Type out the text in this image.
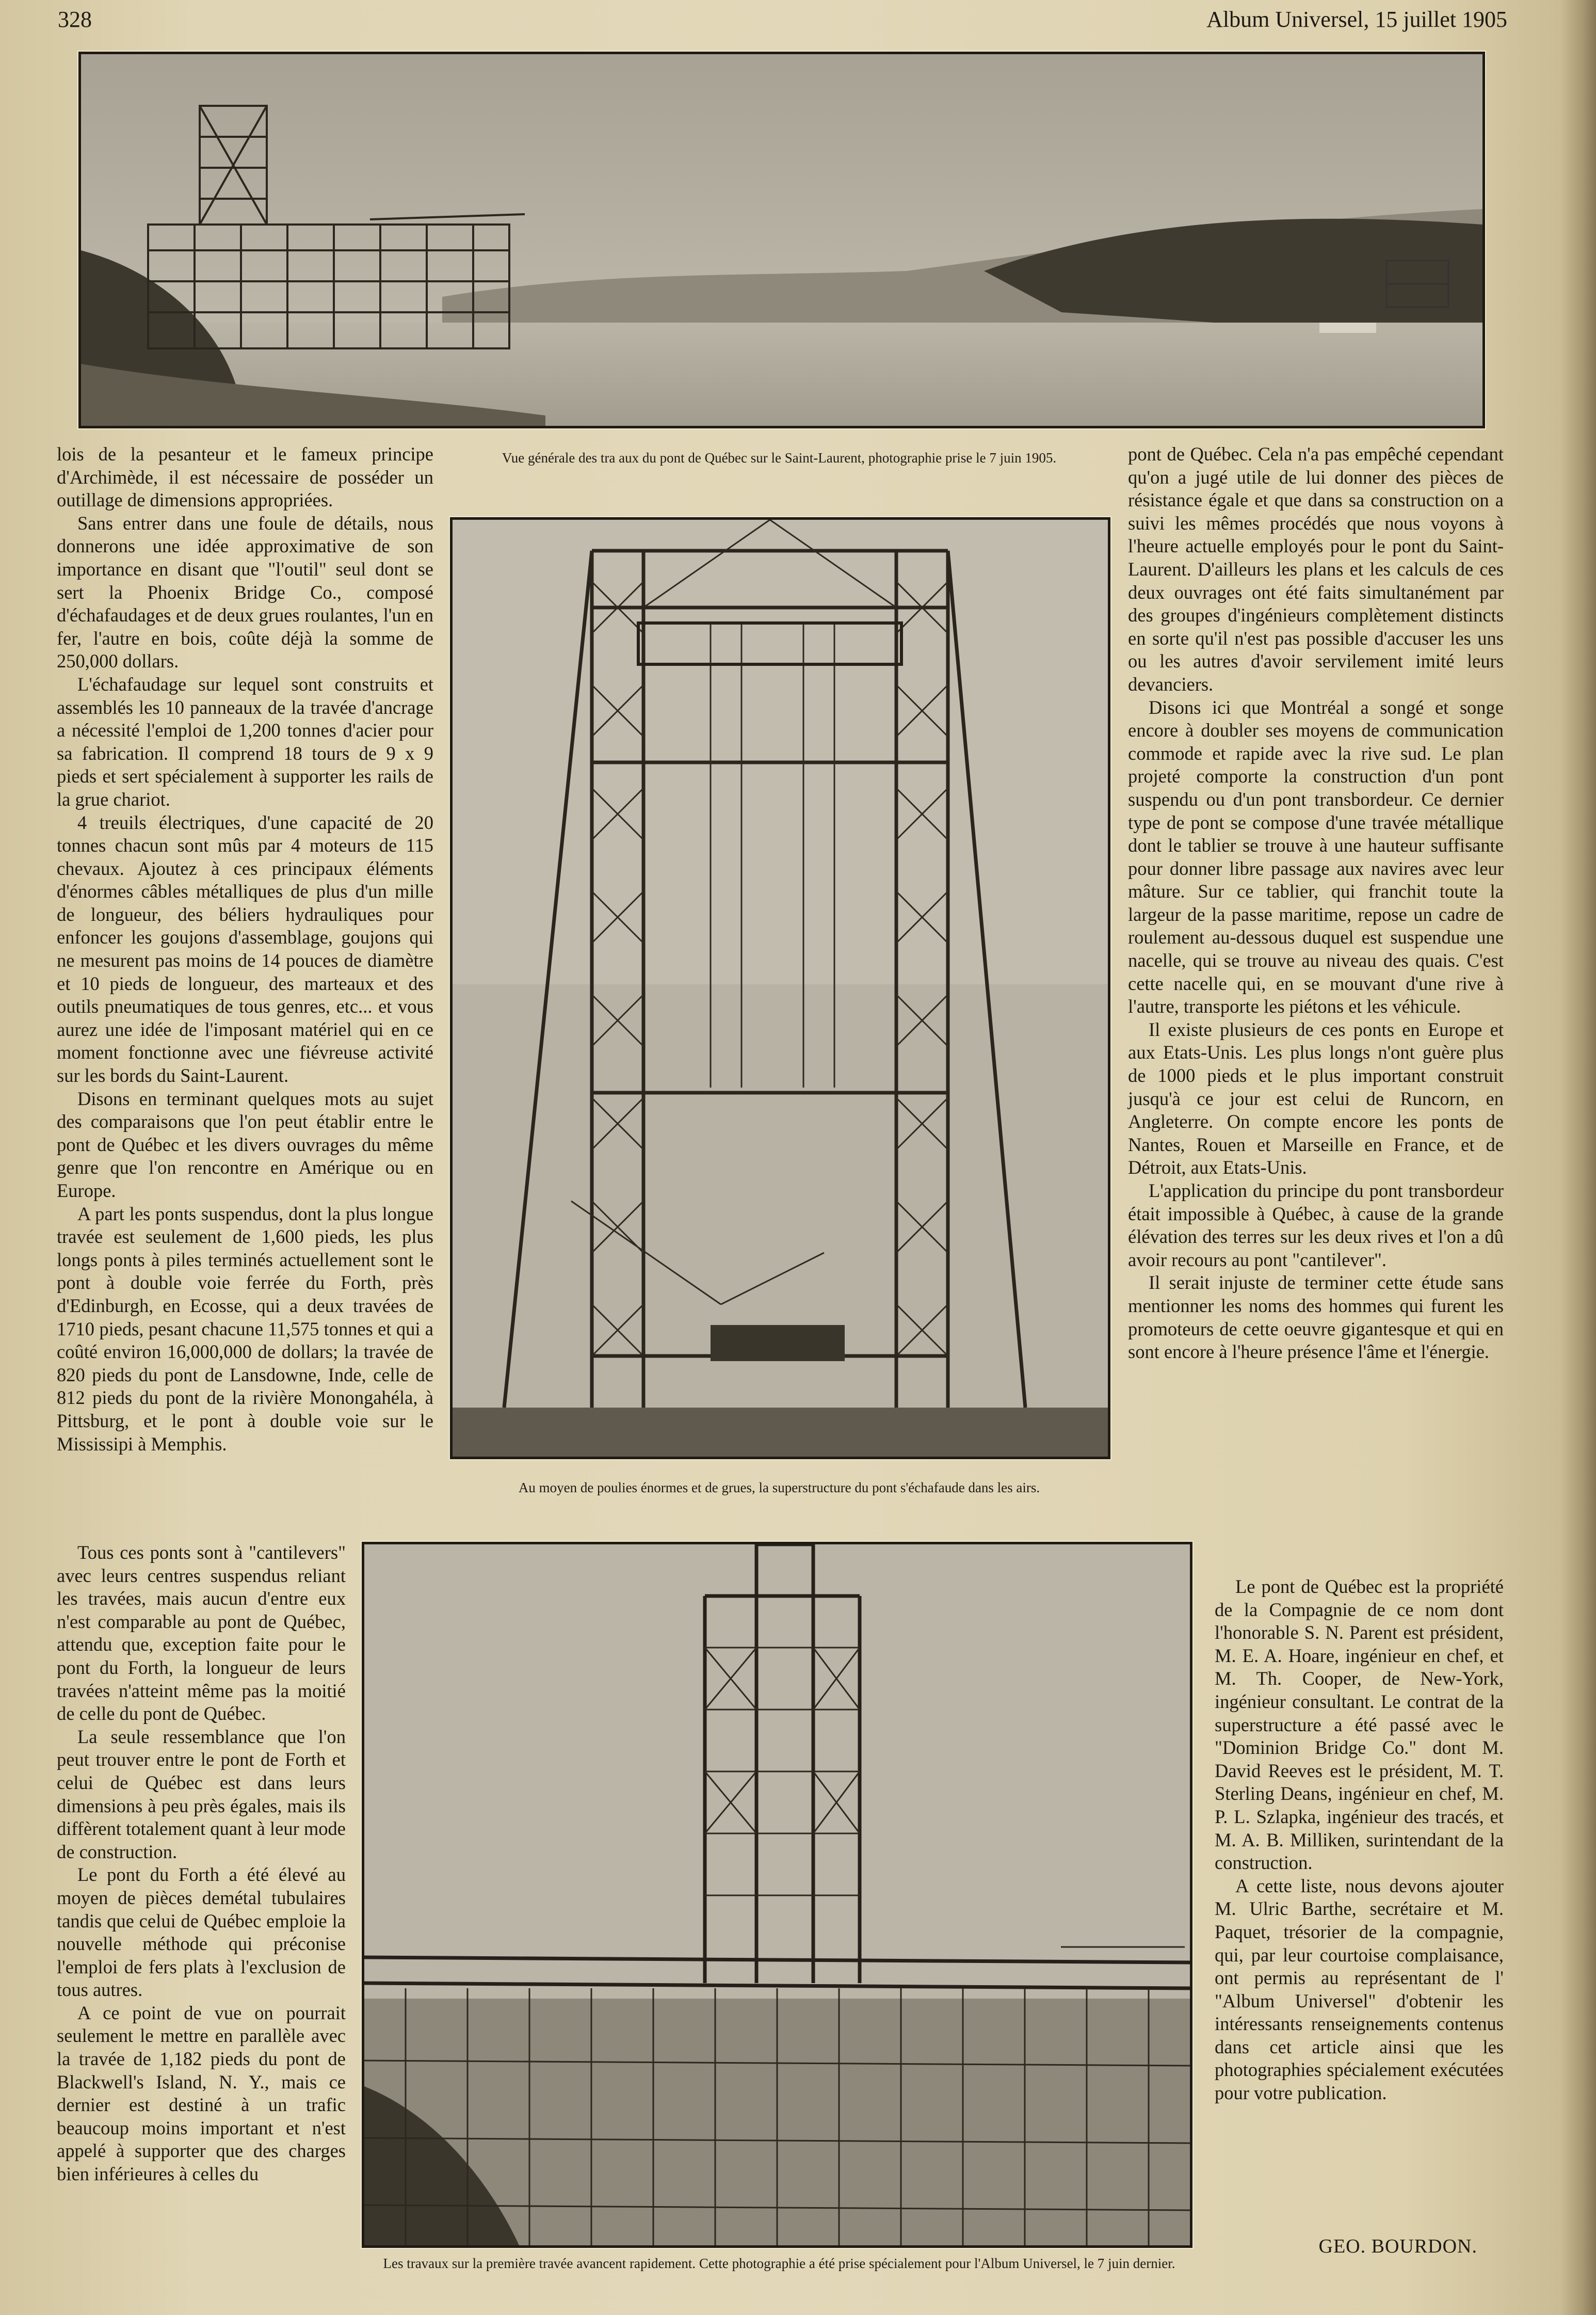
328	Album Universel, 15 juillet 1905
Vue générale des tra aux du pont de Québec sur le Saint-Laurent, photographie prise le 7 juin 1905.
Au moyen de poulies énormes et de grues, la superstructure du pont s'échafaude dans les airs.
Les travaux sur la première travée avancent rapidement. Cette photographie a été prise spécialement pour l'Album Universel, le 7 juin dernier.

lois de la pesanteur et le fameux principe d'Archimède, il est nécessaire de posséder un outillage de dimensions appropriées.

Sans entrer dans une foule de détails, nous donnerons une idée approximative de son importance en disant que "l'outil" seul dont se sert la Phoenix Bridge Co., composé d'échafaudages et de deux grues roulantes, l'un en fer, l'autre en bois, coûte déjà la somme de 250,000 dollars.

L'échafaudage sur lequel sont construits et assemblés les 10 panneaux de la travée d'ancrage a nécessité l'emploi de 1,200 tonnes d'acier pour sa fabrication. Il comprend 18 tours de 9 x 9 pieds et sert spécialement à supporter les rails de la grue chariot.

4 treuils électriques, d'une capacité de 20 tonnes chacun sont mûs par 4 moteurs de 115 chevaux. Ajoutez à ces principaux éléments d'énormes câbles métalliques de plus d'un mille de longueur, des béliers hydrauliques pour enfoncer les goujons d'assemblage, goujons qui ne mesurent pas moins de 14 pouces de diamètre et 10 pieds de longueur, des marteaux et des outils pneumatiques de tous genres, etc... et vous aurez une idée de l'imposant matériel qui en ce moment fonctionne avec une fiévreuse activité sur les bords du Saint-Laurent.

Disons en terminant quelques mots au sujet des comparaisons que l'on peut établir entre le pont de Québec et les divers ouvrages du même genre que l'on rencontre en Amérique ou en Europe.

A part les ponts suspendus, dont la plus longue travée est seulement de 1,600 pieds, les plus longs ponts à piles terminés actuellement sont le pont à double voie ferrée du Forth, près d'Edinburgh, en Ecosse, qui a deux travées de 1710 pieds, pesant chacune 11,575 tonnes et qui a coûté environ 16,000,000 de dollars; la travée de 820 pieds du pont de Lansdowne, Inde, celle de 812 pieds du pont de la rivière Monongahéla, à Pittsburg, et le pont à double voie sur le Mississipi à Memphis.

Tous ces ponts sont à "cantilevers" avec leurs centres suspendus reliant les travées, mais aucun d'entre eux n'est comparable au pont de Québec, attendu que, exception faite pour le pont du Forth, la longueur de leurs travées n'atteint même pas la moitié de celle du pont de Québec.

La seule ressemblance que l'on peut trouver entre le pont de Forth et celui de Québec est dans leurs dimensions à peu près égales, mais ils diffèrent totalement quant à leur mode de construction.

Le pont du Forth a été élevé au moyen de pièces demétal tubulaires tandis que celui de Québec emploie la nouvelle méthode qui préconise l'emploi de fers plats à l'exclusion de tous autres.

A ce point de vue on pourrait seulement le mettre en parallèle avec la travée de 1,182 pieds du pont de Blackwell's Island, N. Y., mais ce dernier est destiné à un trafic beaucoup moins important et n'est appelé à supporter que des charges bien inférieures à celles du

pont de Québec. Cela n'a pas empêché cependant qu'on a jugé utile de lui donner des pièces de résistance égale et que dans sa construction on a suivi les mêmes procédés que nous voyons à l'heure actuelle employés pour le pont du Saint-Laurent. D'ailleurs les plans et les calculs de ces deux ouvrages ont été faits simultanément par des groupes d'ingénieurs complètement distincts en sorte qu'il n'est pas possible d'accuser les uns ou les autres d'avoir servilement imité leurs devanciers.

Disons ici que Montréal a songé et songe encore à doubler ses moyens de communication commode et rapide avec la rive sud. Le plan projeté comporte la construction d'un pont suspendu ou d'un pont transbordeur. Ce dernier type de pont se compose d'une travée métallique dont le tablier se trouve à une hauteur suffisante pour donner libre passage aux navires avec leur mâture. Sur ce tablier, qui franchit toute la largeur de la passe maritime, repose un cadre de roulement au-dessous duquel est suspendue une nacelle, qui se trouve au niveau des quais. C'est cette nacelle qui, en se mouvant d'une rive à l'autre, transporte les piétons et les véhicule.

Il existe plusieurs de ces ponts en Europe et aux Etats-Unis. Les plus longs n'ont guère plus de 1000 pieds et le plus important construit jusqu'à ce jour est celui de Runcorn, en Angleterre. On compte encore les ponts de Nantes, Rouen et Marseille en France, et de Détroit, aux Etats-Unis.

L'application du principe du pont transbordeur était impossible à Québec, à cause de la grande élévation des terres sur les deux rives et l'on a dû avoir recours au pont "cantilever".

Il serait injuste de terminer cette étude sans mentionner les noms des hommes qui furent les promoteurs de cette oeuvre gigantesque et qui en sont encore à l'heure présence l'âme et l'énergie.

Le pont de Québec est la propriété de la Compagnie de ce nom dont l'honorable S. N. Parent est président, M. E. A. Hoare, ingénieur en chef, et M. Th. Cooper, de New-York, ingénieur consultant. Le contrat de la superstructure a été passé avec le "Dominion Bridge Co." dont M. David Reeves est le président, M. T. Sterling Deans, ingénieur en chef, M. P. L. Szlapka, ingénieur des tracés, et M. A. B. Milliken, surintendant de la construction.

A cette liste, nous devons ajouter M. Ulric Barthe, secrétaire et M. Paquet, trésorier de la compagnie, qui, par leur courtoise complaisance, ont permis au représentant de l' "Album Universel" d'obtenir les intéressants renseignements contenus dans cet article ainsi que les photographies spécialement exécutées pour votre publication.

GEO. BOURDON.
